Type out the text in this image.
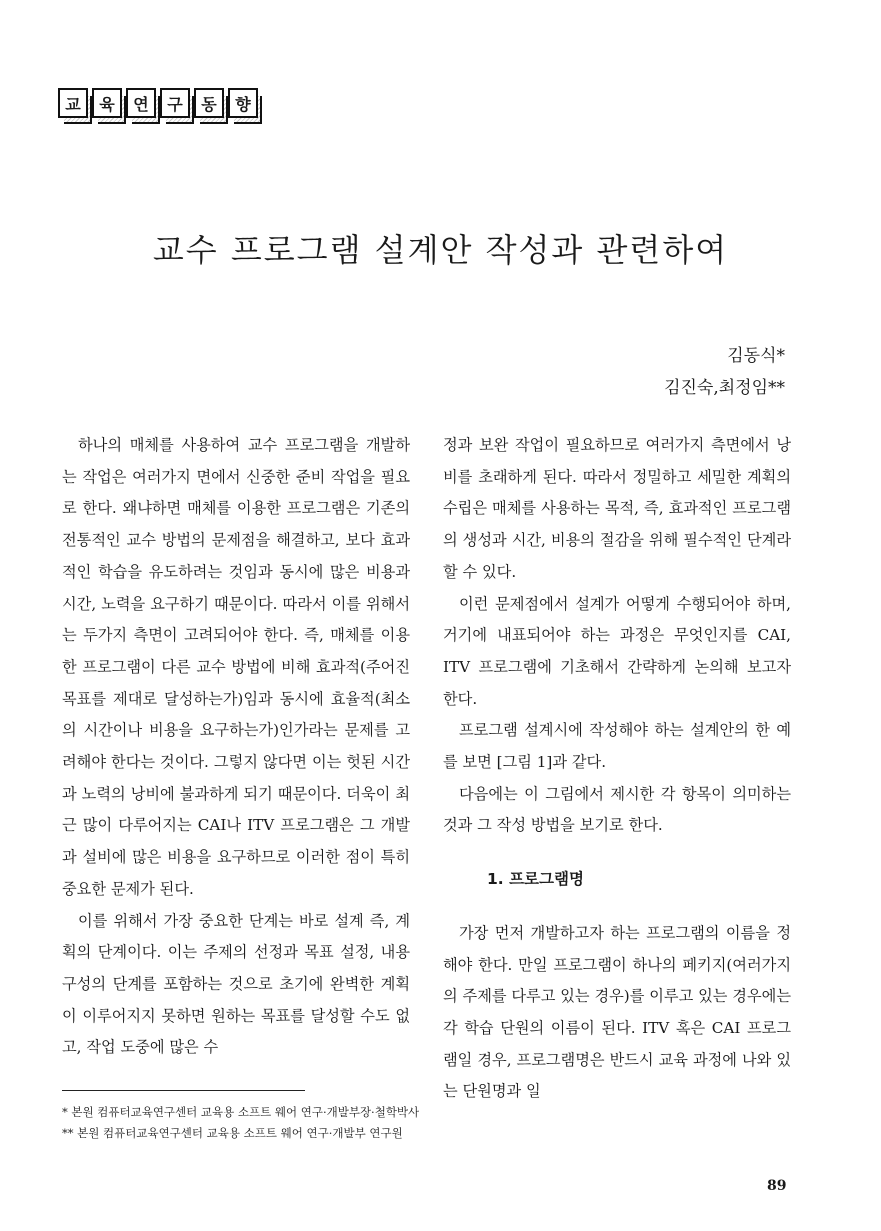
교	육	연	구	동	향
교수 프로그램 설계안 작성과 관련하여
김동식*
김진숙,최정임**

하나의 매체를 사용하여 교수 프로그램을 개발하는 작업은 여러가지 면에서 신중한 준비 작업을 필요로 한다. 왜냐하면 매체를 이용한 프로그램은 기존의 전통적인 교수 방법의 문제점을 해결하고, 보다 효과적인 학습을 유도하려는 것임과 동시에 많은 비용과 시간, 노력을 요구하기 때문이다. 따라서 이를 위해서는 두가지 측면이 고려되어야 한다. 즉, 매체를 이용한 프로그램이 다른 교수 방법에 비해 효과적(주어진 목표를 제대로 달성하는가)임과 동시에 효율적(최소의 시간이나 비용을 요구하는가)인가라는 문제를 고려해야 한다는 것이다. 그렇지 않다면 이는 헛된 시간과 노력의 낭비에 불과하게 되기 때문이다. 더욱이 최근 많이 다루어지는 CAI나 ITV 프로그램은 그 개발과 설비에 많은 비용을 요구하므로 이러한 점이 특히 중요한 문제가 된다.

이를 위해서 가장 중요한 단계는 바로 설계 즉, 계획의 단계이다. 이는 주제의 선정과 목표 설정, 내용 구성의 단계를 포함하는 것으로 초기에 완벽한 계획이 이루어지지 못하면 원하는 목표를 달성할 수도 없고, 작업 도중에 많은 수

정과 보완 작업이 필요하므로 여러가지 측면에서 낭비를 초래하게 된다. 따라서 정밀하고 세밀한 계획의 수립은 매체를 사용하는 목적, 즉, 효과적인 프로그램의 생성과 시간, 비용의 절감을 위해 필수적인 단계라 할 수 있다.

이런 문제점에서 설계가 어떻게 수행되어야 하며, 거기에 내표되어야 하는 과정은 무엇인지를 CAI, ITV 프로그램에 기초해서 간략하게 논의해 보고자 한다.

프로그램 설계시에 작성해야 하는 설계안의 한 예를 보면 [그림 1]과 같다.

다음에는 이 그림에서 제시한 각 항목이 의미하는 것과 그 작성 방법을 보기로 한다.

1. 프로그램명

가장 먼저 개발하고자 하는 프로그램의 이름을 정해야 한다. 만일 프로그램이 하나의 페키지(여러가지의 주제를 다루고 있는 경우)를 이루고 있는 경우에는 각 학습 단원의 이름이 된다. ITV 혹은 CAI 프로그램일 경우, 프로그램명은 반드시 교육 과정에 나와 있는 단원명과 일

* 본원 컴퓨터교육연구센터 교육용 소프트 웨어 연구·개발부장·철학박사
** 본원 컴퓨터교육연구센터 교육용 소프트 웨어 연구·개발부 연구원
89
